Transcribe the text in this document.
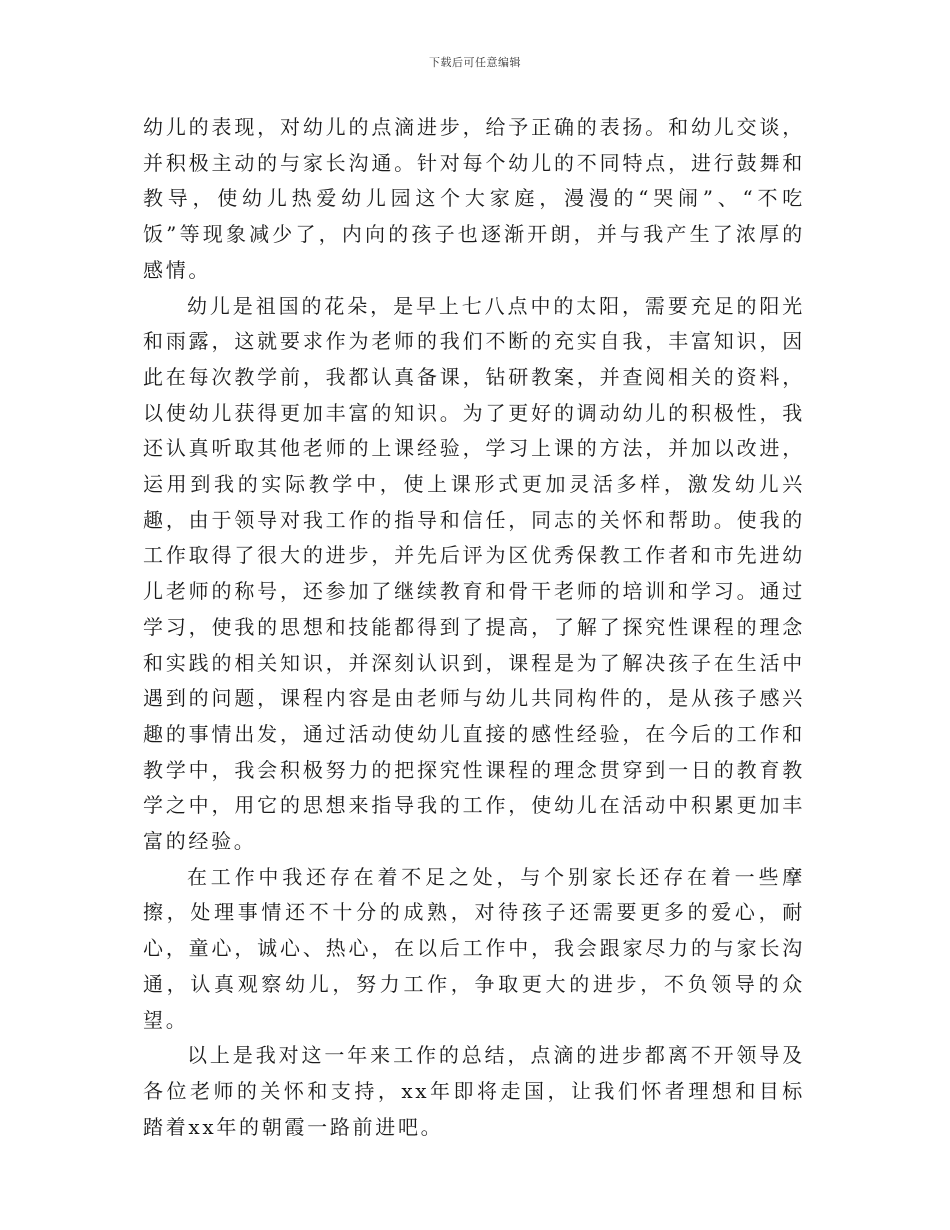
下载后可任意编辑

幼儿的表现，对幼儿的点滴进步，给予正确的表扬。和幼儿交谈，并积极主动的与家长沟通。针对每个幼儿的不同特点，进行鼓舞和教导，使幼儿热爱幼儿园这个大家庭，漫漫的“哭闹”、“不吃饭”等现象减少了，内向的孩子也逐渐开朗，并与我产生了浓厚的感情。

幼儿是祖国的花朵，是早上七八点中的太阳，需要充足的阳光和雨露，这就要求作为老师的我们不断的充实自我，丰富知识，因此在每次教学前，我都认真备课，钻研教案，并查阅相关的资料，以使幼儿获得更加丰富的知识。为了更好的调动幼儿的积极性，我还认真听取其他老师的上课经验，学习上课的方法，并加以改进，运用到我的实际教学中，使上课形式更加灵活多样，激发幼儿兴趣，由于领导对我工作的指导和信任，同志的关怀和帮助。使我的工作取得了很大的进步，并先后评为区优秀保教工作者和市先进幼儿老师的称号，还参加了继续教育和骨干老师的培训和学习。通过学习，使我的思想和技能都得到了提高，了解了探究性课程的理念和实践的相关知识，并深刻认识到，课程是为了解决孩子在生活中遇到的问题，课程内容是由老师与幼儿共同构件的，是从孩子感兴趣的事情出发，通过活动使幼儿直接的感性经验，在今后的工作和教学中，我会积极努力的把探究性课程的理念贯穿到一日的教育教学之中，用它的思想来指导我的工作，使幼儿在活动中积累更加丰富的经验。

在工作中我还存在着不足之处，与个别家长还存在着一些摩擦，处理事情还不十分的成熟，对待孩子还需要更多的爱心，耐心，童心，诚心、热心，在以后工作中，我会跟家尽力的与家长沟通，认真观察幼儿，努力工作，争取更大的进步，不负领导的众望。

以上是我对这一年来工作的总结，点滴的进步都离不开领导及各位老师的关怀和支持，xx年即将走国，让我们怀者理想和目标踏着xx年的朝霞一路前进吧。
